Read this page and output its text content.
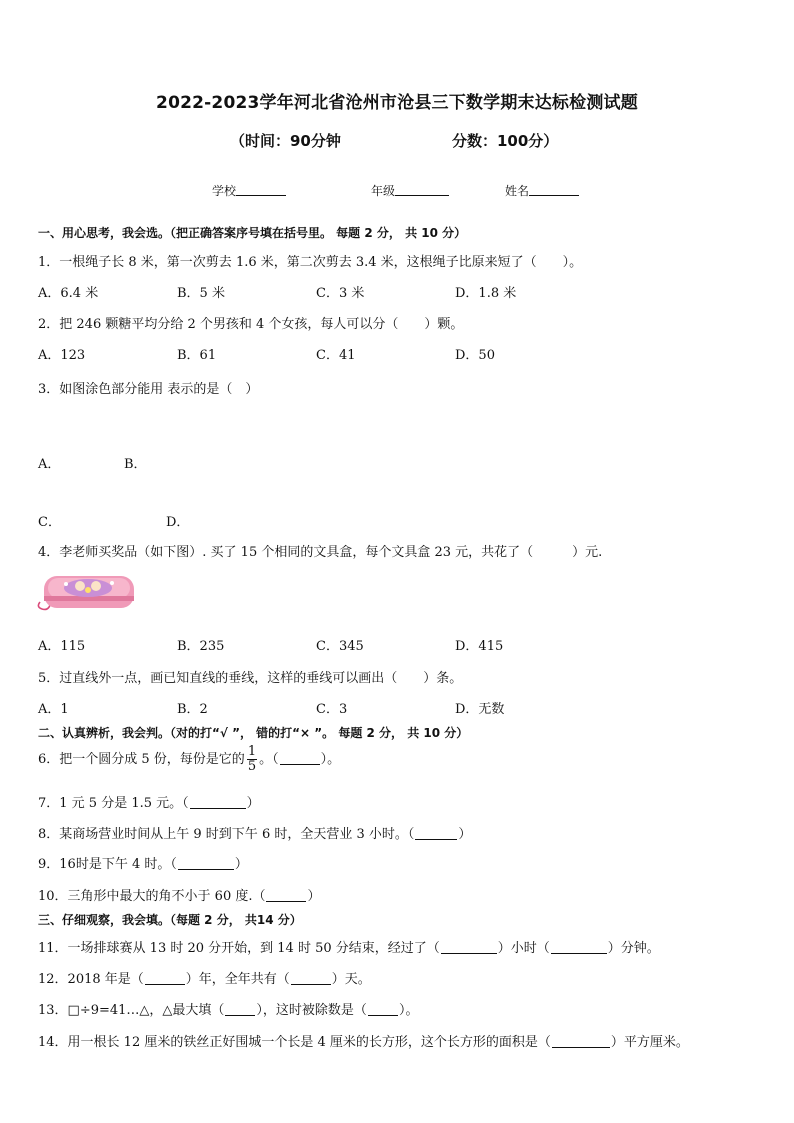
2022-2023学年河北省沧州市沧县三下数学期末达标检测试题
（时间：90分钟	分数：100分）
学校	年级	姓名
一、用心思考，我会选。（把正确答案序号填在括号里。 每题 2 分， 共 10 分）
1．一根绳子长 8 米，第一次剪去 1.6 米，第二次剪去 3.4 米，这根绳子比原来短了（　　）。
A．6.4 米	B．5 米	C．3 米	D．1.8 米
2．把 246 颗糖平均分给 2 个男孩和 4 个女孩，每人可以分（　　）颗。
A．123	B．61	C．41	D．50
3．如图涂色部分能用 表示的是（　）
A．	B．
C．	D．
4．李老师买奖品（如下图）. 买了 15 个相同的文具盒，每个文具盒 23 元，共花了（　　　）元.
A．115	B．235	C．345	D．415
5．过直线外一点，画已知直线的垂线，这样的垂线可以画出（　　）条。
A．1	B．2	C．3	D．无数
二、认真辨析，我会判。（对的打“√ ”， 错的打“× ”。 每题 2 分， 共 10 分）
6．把一个圆分成 5 份，每份是它的 $\frac{1}{5}$ 。（	）。
7．1 元 5 分是 1.5 元。（	）
8．某商场营业时间从上午 9 时到下午 6 时，全天营业 3 小时。（	）
9．16时是下午 4 时。（	）
10．三角形中最大的角不小于 60 度.（	）
三、仔细观察，我会填。（每题 2 分， 共14 分）
11．一场排球赛从 13 时 20 分开始，到 14 时 50 分结束，经过了（	）小时（	）分钟。
12．2018 年是（	）年，全年共有（	）天。
13．□÷9=41…△，△最大填（ ），这时被除数是（ ）。
14．用一根长 12 厘米的铁丝正好围城一个长是 4 厘米的长方形，这个长方形的面积是（	）平方厘米。
